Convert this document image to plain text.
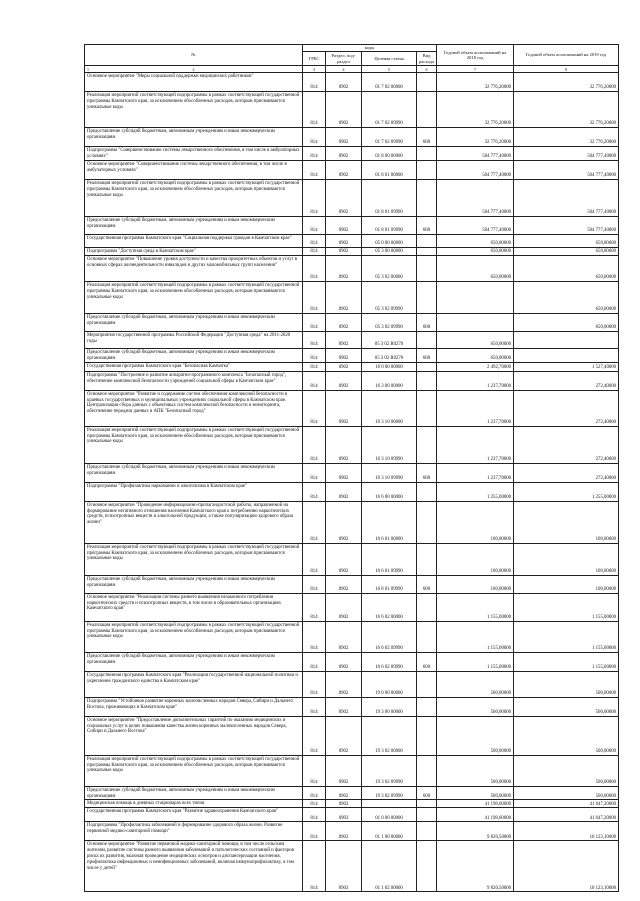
№	коды				Годовой объем ассигнований на 2018 год	Годовой объем ассигнований на 2019 год
	ГРБС	Раздел, под-раздел	Целевая статья	Вид расхода		

1 2	3	4	5	6	7	8
Основное мероприятие "Меры социальной поддержки медицинских работников"	814	0902	01 7 02 00000		32 776,20000	32 776,20000
Реализация мероприятий соответствующей подпрограммы в рамках соответствующей государственной программы Камчатского края, за исключением обособленных расходов, которым присваиваются уникальные коды	814	0902	01 7 02 09990		32 776,20000	32 776,20000
Предоставление субсидий бюджетным, автономным учреждениям и иным некоммерческим организациям	814	0902	01 7 02 09990	600	32 776,20000	32 776,20000
Подпрограмма "Совершенствование системы лекарственного обеспечения, в том числе в амбулаторных условиях"	814	0902	01 8 00 00000		504 777,40000	504 777,40000
Основное мероприятие "Совершенствование системы лекарственного обеспечения, в том числе в амбулаторных условиях"	814	0902	01 8 01 00000		504 777,40000	504 777,40000
Реализация мероприятий соответствующей подпрограммы в рамках соответствующей государственной программы Камчатского края, за исключением обособленных расходов, которым присваиваются уникальные коды	814	0902	01 8 01 09990		504 777,40000	504 777,40000
Предоставление субсидий бюджетным, автономным учреждениям и иным некоммерческим организациям	814	0902	01 8 01 09990	600	504 777,40000	504 777,40000
Государственная программа Камчатского края "Социальная поддержка граждан в Камчатском крае"	814	0902	05 0 00 00000		650,00000	650,00000
Подпрограмма "Доступная среда в Камчатском крае"	814	0902	05 3 00 00000		650,00000	650,00000
Основное мероприятие "Повышение уровня доступности и качества приоритетных объектов и услуг в основных сферах жизнедеятельности инвалидов и других маломобильных групп населения"	814	0902	05 3 02 00000		650,00000	650,00000
Реализация мероприятий соответствующей подпрограммы в рамках соответствующей государственной программы Камчатского края, за исключением обособленных расходов, которым присваиваются уникальные коды	814	0902	05 3 02 09990			650,00000
Предоставление субсидий бюджетным, автономным учреждениям и иным некоммерческим организациям	814	0902	05 3 02 09990	600		650,00000
Мероприятия государственной программы Российской Федерации "Доступная среда" на 2011-2020 годы	814	0902	05 3 02 R0270		650,00000	
Предоставление субсидий бюджетным, автономным учреждениям и иным некоммерческим организациям	814	0902	05 3 02 R0270	600	650,00000	
Государственная программа Камчатского края "Безопасная Камчатка"	814	0902	16 0 00 00000		2 492,70000	1 527,40000
Подпрограмма "Построение и развитие аппаратно-программного комплекса "Безопасный город", обеспечение комплексной безопасности учреждений социальной сферы в Камчатском крае"	814	0902	16 3 00 00000		1 237,70000	272,40000
Основное мероприятие "Развитие и содержание систем обеспечения комплексной безопасности в краевых государственных и муниципальных учреждениях социальной сферы в Камчатском крае. Централизация сбора данных с объектовых систем комплексной безопасности и мониторинга, обеспечение передачи данных в АПК "Безопасный город"	814	0902	16 3 10 00000		1 237,70000	272,40000
Реализация мероприятий соответствующей подпрограммы в рамках соответствующей государственной программы Камчатского края, за исключением обособленных расходов, которым присваиваются уникальные коды	814	0902	16 3 10 09990		1 237,70000	272,40000
Предоставление субсидий бюджетным, автономным учреждениям и иным некоммерческим организациям	814	0902	16 3 10 09990	600	1 237,70000	272,40000
Подпрограмма "Профилактика наркомании и алкоголизма в Камчатском крае"	814	0902	16 6 00 00000		1 255,00000	1 255,00000
Основное мероприятие "Проведение информационно-пропагандистской работы, направленной на формирование негативного отношения населения Камчатского края к потреблению наркотических средств, психотропных веществ и алкогольной продукции, а также популяризацию здорового образа жизни"	814	0902	16 6 01 00000		100,00000	100,00000
Реализация мероприятий соответствующей подпрограммы в рамках соответствующей государственной программы Камчатского края, за исключением обособленных расходов, которым присваиваются уникальные коды	814	0902	16 6 01 09990		100,00000	100,00000
Предоставление субсидий бюджетным, автономным учреждениям и иным некоммерческим организациям	814	0902	16 6 01 09990	600	100,00000	100,00000
Основное мероприятие "Реализация системы раннего выявления незаконного потребления наркотических средств и психотропных веществ, в том числе в образовательных организациях Камчатского края"	814	0902	16 6 02 00000		1 155,00000	1 155,00000
Реализация мероприятий соответствующей подпрограммы в рамках соответствующей государственной программы Камчатского края, за исключением обособленных расходов, которым присваиваются уникальные коды	814	0902	16 6 02 09990		1 155,00000	1 155,00000
Предоставление субсидий бюджетным, автономным учреждениям и иным некоммерческим организациям	814	0902	16 6 02 09990	600	1 155,00000	1 155,00000
Государственная программа Камчатского края "Реализация государственной национальной политики и укрепление гражданского единства в Камчатском крае"	814	0902	19 0 00 00000		500,00000	500,00000
Подпрограмма "Устойчивое развитие коренных малочисленных народов Севера, Сибири и Дальнего Востока, проживающих в Камчатском крае"	814	0902	19 3 00 00000		500,00000	500,00000
Основное мероприятие "Предоставление дополнительных гарантий по оказанию медицинских и социальных услуг в целях повышения качества жизни коренных малочисленных народов Севера, Сибири и Дальнего Востока"	814	0902	19 3 02 00000		500,00000	500,00000
Реализация мероприятий соответствующей подпрограммы в рамках соответствующей государственной программы Камчатского края, за исключением обособленных расходов, которым присваиваются уникальные коды	814	0902	19 3 02 09990		500,00000	500,00000
Предоставление субсидий бюджетным, автономным учреждениям и иным некоммерческим организациям	814	0902	19 3 02 09990	600	500,00000	500,00000
Медицинская помощь в дневных стационарах всех типов	814	0903			41 198,60000	41 647,20000
Государственная программа Камчатского края "Развитие здравоохранения Камчатского края"	814	0903	01 0 00 00000		41 198,60000	41 647,20000
Подпрограмма "Профилактика заболеваний и формирование здорового образа жизни. Развитие первичной медико-санитарной помощи"	814	0903	01 1 00 00000		9 820,50000	10 123,10000
Основное мероприятие "Развитие первичной медико-санитарной помощи, в том числе сельским жителям, развитие системы раннего выявления заболеваний и патологических состояний и факторов риска их развития, включая проведение медицинских осмотров и диспансеризации населения, профилактика инфекционных и неинфекционных заболеваний, включая иммунопрофилактику, в том числе у детей"	814	0903	01 1 02 00000		9 820,50000	10 123,10000
